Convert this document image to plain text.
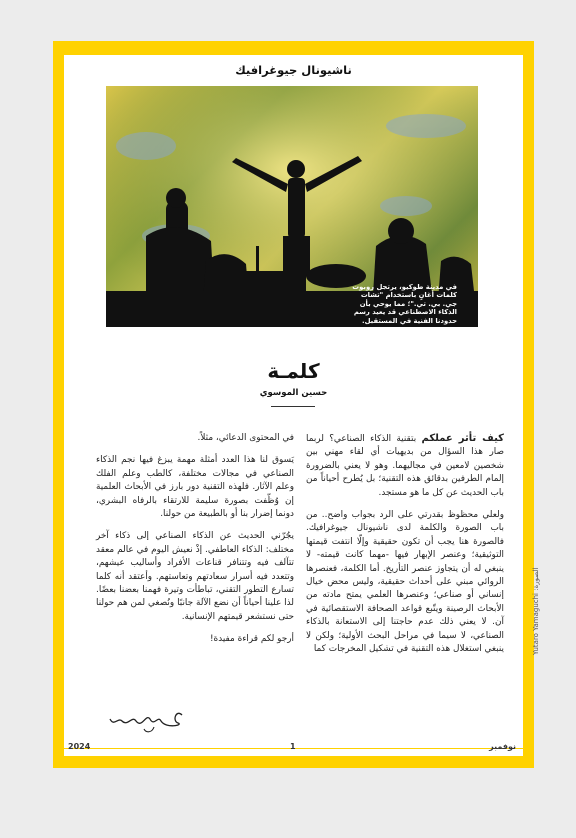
ناشيونال جيوغرافيك
في مدينة طوكيو، يرتجل روبوت كلمات أغانٍ باستخدام "تشات جي. بي. تي."؛ مما يوحي بأن الذكاء الاصطناعي قد يعيد رسم حدودنا الفنية في المستقبل.
كلمـة
حسين الموسوي

كيف تأثر عملكم بتقنية الذكاء الصناعي؟ لربما صار هذا السؤال من بديهيات أي لقاء مهني بين شخصين لامعين في مجاليهما. وهو لا يعني بالضرورة إلمام الطرفين بدقائق هذه التقنية؛ بل يُطرح أحياناً من باب الحديث عن كل ما هو مستجد.

ولعلي محظوظ بقدرتي على الرد بجواب واضح.. من باب الصورة والكلمة لدى ناشيونال جيوغرافيك. فالصورة هنا يجب أن تكون حقيقية وإلّا انتفت قيمتها التوثيقية؛ وعنصر الإبهار فيها -مهما كانت قيمته- لا ينبغي له أن يتجاوز عنصر التأريخ. أما الكلمة، فعنصرها الروائي مبني على أحداث حقيقية، وليس محض خيال إنساني أو صناعي؛ وعنصرها العلمي يمتح مادته من الأبحاث الرصينة ويتّبع قواعد الصحافة الاستقصائية في آن. لا يعني ذلك عدم حاجتنا إلى الاستعانة بالذكاء الصناعي، لا سيما في مراحل البحث الأولية؛ ولكن لا ينبغي استغلال هذه التقنية في تشكيل المخرجات كما

في المحتوى الدعائي، مثلاً.

يَسوق لنا هذا العدد أمثلة مهمة يبزغ فيها نجم الذكاء الصناعي في مجالات مختلفة، كالطب وعلم الفلك وعلم الآثار. فلهذه التقنية دور بارز في الأبحاث العلمية إن وُظّفت بصورة سليمة للارتقاء بالرفاه البشري، دونما إضرار بنا أو بالطبيعة من حولنا.

يجُرّني الحديث عن الذكاء الصناعي إلى ذكاء آخر مختلف: الذكاء العاطفي. إذْ نعيش اليوم في عالم معقد تتآلف فيه وتتنافر قناعات الأفراد وأساليب عيشهم، وتتعدد فيه أسرار سعادتهم وتعاستهم. وأعتقد أنه كلما تسارع التطور التقني، تباطأت وتيرة فهمنا بعضنا بعضًا. لذا علينا أحياناً أن نضع الآلة جانبًا ونُصغي لمن هم حولنا حتى نستشعر قيمتهم الإنسانية.

أرجو لكم قراءة مفيدة!	Yutaro Yamaguchi :الصورة
نوفمبر
1
2024
